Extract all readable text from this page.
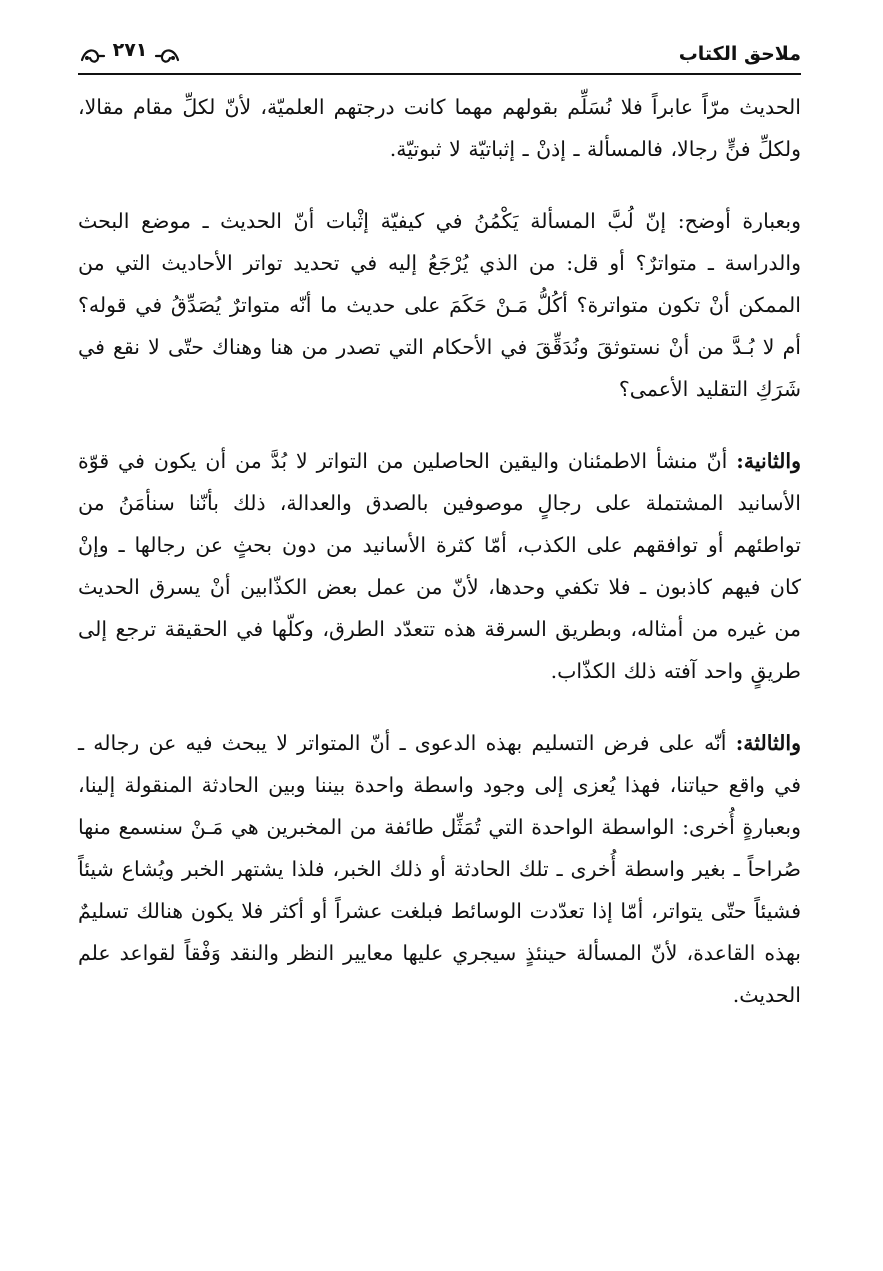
ملاحق الكتاب
٢٧١

الحديث مرّاً عابراً فلا نُسَلِّم بقولهم مهما كانت درجتهم العلميّة، لأنّ لكلِّ مقام مقالا، ولكلِّ فنٍّ رجالا، فالمسألة ـ إذنْ ـ إثباتيّة لا ثبوتيّة.

وبعبارة أوضح: إنّ لُبَّ المسألة يَكْمُنُ في كيفيّة إثْبات أنّ الحديث ـ موضع البحث والدراسة ـ متواترٌ؟ أو قل: من الذي يُرْجَعُ إليه في تحديد تواتر الأحاديث التي من الممكن أنْ تكون متواترة؟ أكُلُّ مَـنْ حَكَمَ على حديث ما أنّه متواترٌ يُصَدِّقُ في قوله؟ أم لا بُـدَّ من أنْ نستوثقَ ونُدَقِّقَ في الأحكام التي تصدر من هنا وهناك حتّى لا نقع في شَرَكِ التقليد الأعمى؟

والثانية: أنّ منشأ الاطمئنان واليقين الحاصلين من التواتر لا بُدَّ من أن يكون في قوّة الأسانيد المشتملة على رجالٍ موصوفين بالصدق والعدالة، ذلك بأنّنا سنأمَنُ من تواطئهم أو توافقهم على الكذب، أمّا كثرة الأسانيد من دون بحثٍ عن رجالها ـ وإنْ كان فيهم كاذبون ـ فلا تكفي وحدها، لأنّ من عمل بعض الكذّابين أنْ يسرق الحديث من غيره من أمثاله، وبطريق السرقة هذه تتعدّد الطرق، وكلّها في الحقيقة ترجع إلى طريقٍ واحد آفته ذلك الكذّاب.

والثالثة: أنّه على فرض التسليم بهذه الدعوى ـ أنّ المتواتر لا يبحث فيه عن رجاله ـ في واقع حياتنا، فهذا يُعزى إلى وجود واسطة واحدة بيننا وبين الحادثة المنقولة إلينا، وبعبارةٍ أُخرى: الواسطة الواحدة التي تُمَثِّل طائفة من المخبرين هي مَـنْ سنسمع منها صُراحاً ـ بغير واسطة أُخرى ـ تلك الحادثة أو ذلك الخبر، فلذا يشتهر الخبر ويُشاع شيئاً فشيئاً حتّى يتواتر، أمّا إذا تعدّدت الوسائط فبلغت عشراً أو أكثر فلا يكون هنالك تسليمٌ بهذه القاعدة، لأنّ المسألة حينئذٍ سيجري عليها معايير النظر والنقد وَفْقاً لقواعد علم الحديث.
